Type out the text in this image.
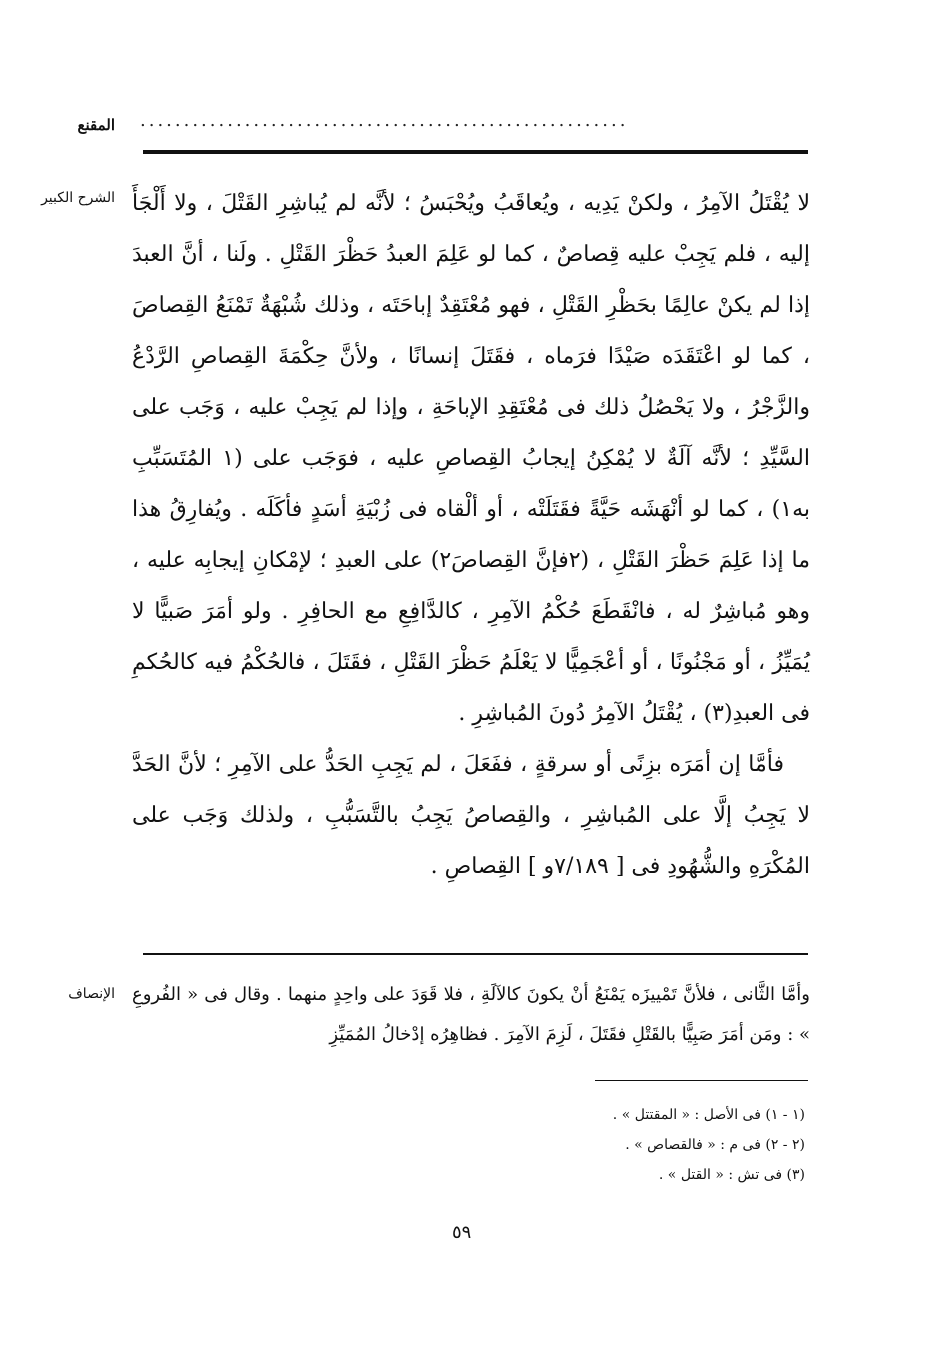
........................................................
المقنع
الشرح الكبير لا يُقْتَلُ الآمِرُ ، ولكنْ يَدِيه ، ويُعاقَبُ ويُحْبَسُ ؛ لأنَّه لم يُباشِرِ القَتْلَ ، ولا أَلْجَأَ إليه ، فلم يَجِبْ عليه قِصاصٌ ، كما لو عَلِمَ العبدُ حَظْرَ القَتْلِ . ولَنا ، أنَّ العبدَ إذا لم يكنْ عالِمًا بحَظْرِ القَتْلِ ، فهو مُعْتَقِدٌ إباحَتَه ، وذلك شُبْهَةٌ تَمْنَعُ القِصاصَ ، كما لو اعْتَقَدَه صَيْدًا فرَماه ، فقَتَلَ إنسانًا ، ولأنَّ حِكْمَةَ القِصاصِ الرَّدْعُ والزَّجْرُ ، ولا يَحْصُلُ ذلك فى مُعْتَقِدِ الإباحَةِ ، وإذا لم يَجِبْ عليه ، وَجَب على السَّيِّدِ ؛ لأنَّه آلَةٌ لا يُمْكِنُ إيجابُ القِصاصِ عليه ، فوَجَب على (١ المُتَسَبِّبِ به١) ، كما لو أنْهَشَه حَيَّةً فقَتَلَتْه ، أو ألْقاه فى زُبْيَةِ أسَدٍ فأكَلَه . ويُفارِقُ هذا ما إذا عَلِمَ حَظْرَ القَتْلِ ، (٢فإنَّ القِصاصَ٢) على العبدِ ؛ لإمْكانِ إيجابِه عليه ، وهو مُباشِرٌ له ، فانْقَطَعَ حُكْمُ الآمِرِ ، كالدَّافِعِ مع الحافِرِ . ولو أمَرَ صَبيًّا لا يُمَيِّزُ ، أو مَجْنُونًا ، أو أعْجَمِيًّا لا يَعْلَمُ حَظْرَ القَتْلِ ، فقَتَلَ ، فالحُكْمُ فيه كالحُكمِ فى العبدِ(٣) ، يُقْتَلُ الآمِرُ دُونَ المُباشِرِ .

فأمَّا إن أمَرَه بزِنًى أو سرقةٍ ، ففَعَلَ ، لم يَجِبِ الحَدُّ على الآمِرِ ؛ لأنَّ الحَدَّ لا يَجِبُ إلَّا على المُباشِرِ ، والقِصاصُ يَجِبُ بالتَّسَبُّبِ ، ولذلك وَجَب على المُكْرَهِ والشُّهُودِ فى [ ٧/١٨٩و ] القِصاصِ .

الإنصاف وأمَّا الثَّانى ، فلأنَّ تَمْييزَه يَمْنَعُ أنْ يكونَ كالآلَةِ ، فلا قَوَدَ على واحِدٍ منهما . وقال فى « الفُروعِ » : ومَن أمَرَ صَبِيًّا بالقَتْلِ فقَتَلَ ، لَزِمَ الآمِرَ . فظاهِرُه إدْخالُ المُمَيِّزِ

(١ - ١) فى الأصل : « المقتتل » .
(٢ - ٢) فى م : « فالقصاص » .
(٣) فى تش : « القتل » .
٥٩
